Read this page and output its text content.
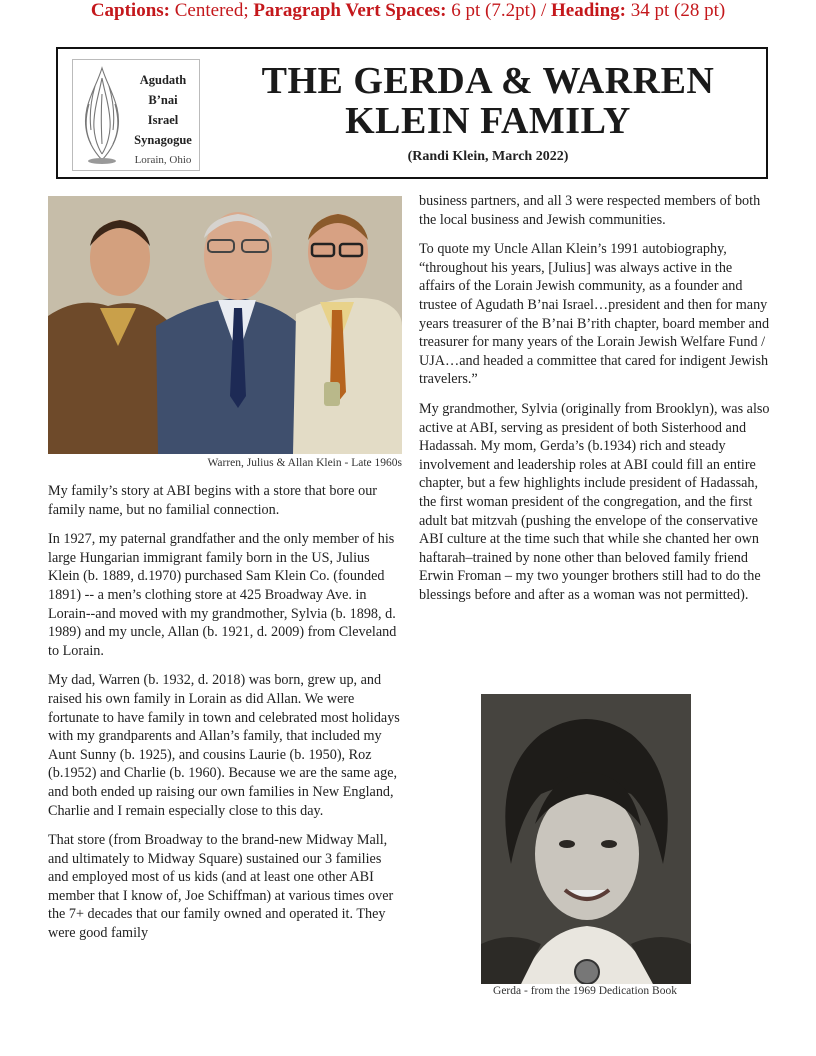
Captions: Centered; Paragraph Vert Spaces: 6 pt (7.2pt) / Heading: 34 pt (28 pt)
Agudath
B’nai
Israel
Synagogue
Lorain, Ohio
THE GERDA & WARREN
KLEIN FAMILY
(Randi Klein, March 2022)
Warren, Julius & Allan Klein - Late 1960s

My family’s story at ABI begins with a store that bore our family name, but no familial connection.

In 1927, my paternal grandfather and the only member of his large Hungarian immigrant family born in the US, Julius Klein (b. 1889, d.1970) purchased Sam Klein Co. (founded 1891) -- a men’s clothing store at 425 Broadway Ave. in Lorain--and moved with my grandmother, Sylvia (b. 1898, d. 1989) and my uncle, Allan (b. 1921, d. 2009) from Cleveland to Lorain.

My dad, Warren (b. 1932, d. 2018) was born, grew up, and raised his own family in Lorain as did Allan. We were fortunate to have family in town and celebrated most holidays with my grandparents and Allan’s family, that included my Aunt Sunny (b. 1925), and cousins Laurie (b. 1950), Roz (b.1952) and Charlie (b. 1960). Because we are the same age, and both ended up raising our own families in New England, Charlie and I remain especially close to this day.

That store (from Broadway to the brand-new Midway Mall, and ultimately to Midway Square) sustained our 3 families and employed most of us kids (and at least one other ABI member that I know of, Joe Schiffman) at various times over the 7+ decades that our family owned and operated it. They were good family

business partners, and all 3 were respected members of both the local business and Jewish communities.

To quote my Uncle Allan Klein’s 1991 autobiography, “throughout his years, [Julius] was always active in the affairs of the Lorain Jewish community, as a founder and trustee of Agudath B’nai Israel…president and then for many years treasurer of the B’nai B’rith chapter, board member and treasurer for many years of the Lorain Jewish Welfare Fund / UJA…and headed a committee that cared for indigent Jewish travelers.”

My grandmother, Sylvia (originally from Brooklyn), was also active at ABI, serving as president of both Sisterhood and Hadassah. My mom, Gerda’s (b.1934) rich and steady involvement and leadership roles at ABI could fill an entire chapter, but a few highlights include president of Hadassah, the first woman president of the congregation, and the first adult bat mitzvah (pushing the envelope of the conservative ABI culture at the time such that while she chanted her own haftarah–trained by none other than beloved family friend Erwin Froman – my two younger brothers still had to do the blessings before and after as a woman was not permitted).

Gerda - from the 1969 Dedication Book
